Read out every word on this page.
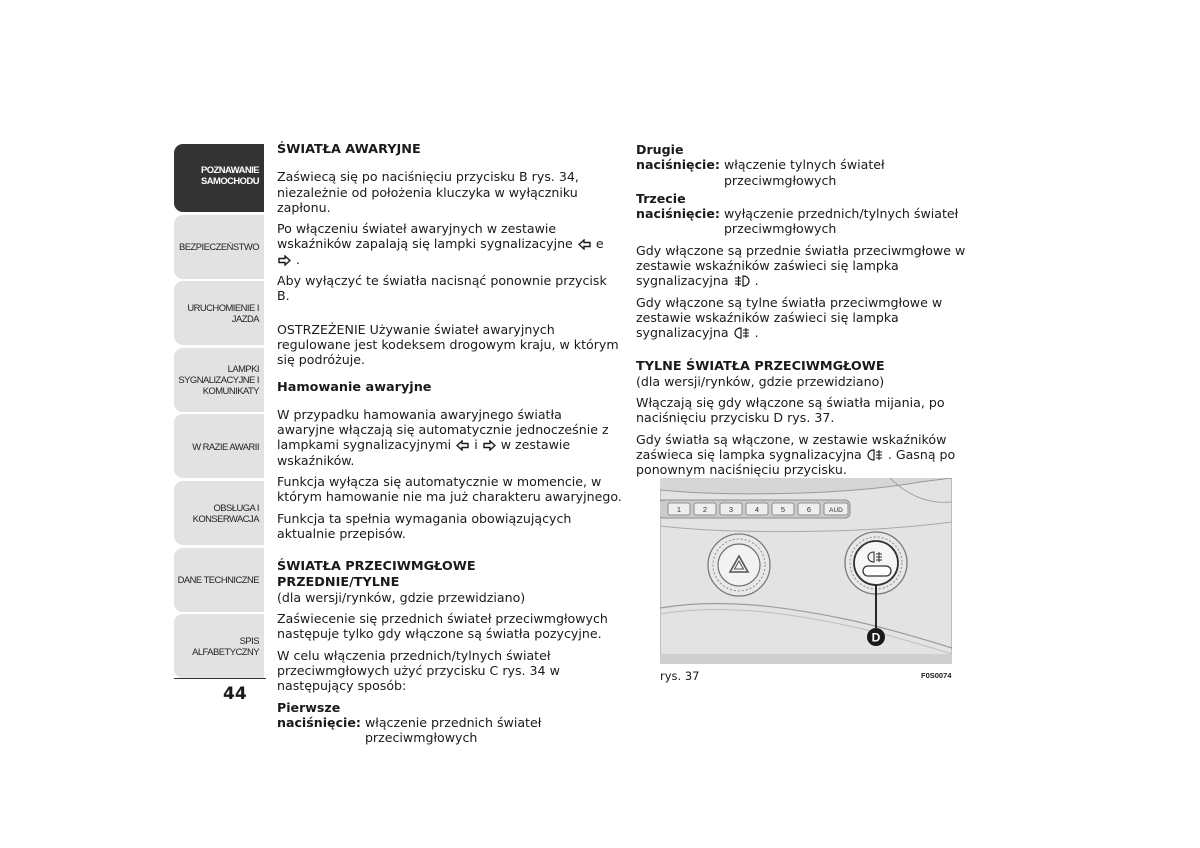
POZNAWANIE
SAMOCHODU
BEZPIECZEŃSTWO
URUCHOMIENIE I
JAZDA
LAMPKI
SYGNALIZACYJNE I
KOMUNIKATY
W RAZIE AWARII
OBSŁUGA I
KONSERWACJA
DANE TECHNICZNE
SPIS ALFABETYCZNY
44
ŚWIATŁA AWARYJNE

Zaświecą się po naciśnięciu przycisku B rys. 34, niezależnie od położenia kluczyka w wyłączniku zapłonu.

Po włączeniu świateł awaryjnych w zestawie wskaźników zapalają się lampki sygnalizacyjne e  .

Aby wyłączyć te światła nacisnąć ponownie przycisk B.

OSTRZEŻENIE Używanie świateł awaryjnych regulowane jest kodeksem drogowym kraju, w którym się podróżuje.

Hamowanie awaryjne

W przypadku hamowania awaryjnego światła awaryjne włączają się automatycznie jednocześnie z lampkami sygnalizacyjnymi i w zestawie wskaźników.

Funkcja wyłącza się automatycznie w momencie, w którym hamowanie nie ma już charakteru awaryjnego.

Funkcja ta spełnia wymagania obowiązujących aktualnie przepisów.

ŚWIATŁA PRZECIWMGŁOWE PRZEDNIE/TYLNE

(dla wersji/rynków, gdzie przewidziano)

Zaświecenie się przednich świateł przeciwmgłowych następuje tylko gdy włączone są światła pozycyjne.

W celu włączenia przednich/tylnych świateł przeciwmgłowych użyć przycisku C rys. 34 w następujący sposób:

Pierwsze
naciśnięcie: włączenie przednich świateł przeciwmgłowych
Drugie
naciśnięcie: włączenie tylnych świateł przeciwmgłowych
Trzecie
naciśnięcie: wyłączenie przednich/tylnych świateł przeciwmgłowych

Gdy włączone są przednie światła przeciwmgłowe w zestawie wskaźników zaświeci się lampka sygnalizacyjna .

Gdy włączone są tylne światła przeciwmgłowe w zestawie wskaźników zaświeci się lampka sygnalizacyjna .

TYLNE ŚWIATŁA PRZECIWMGŁOWE

(dla wersji/rynków, gdzie przewidziano)

Włączają się gdy włączone są światła mijania, po naciśnięciu przycisku D rys. 37.

Gdy światła są włączone, w zestawie wskaźników zaświeca się lampka sygnalizacyjna . Gasną po ponownym naciśnięciu przycisku.

1	2	3	4	5	6	AUD
D
rys. 37	F0S0074
